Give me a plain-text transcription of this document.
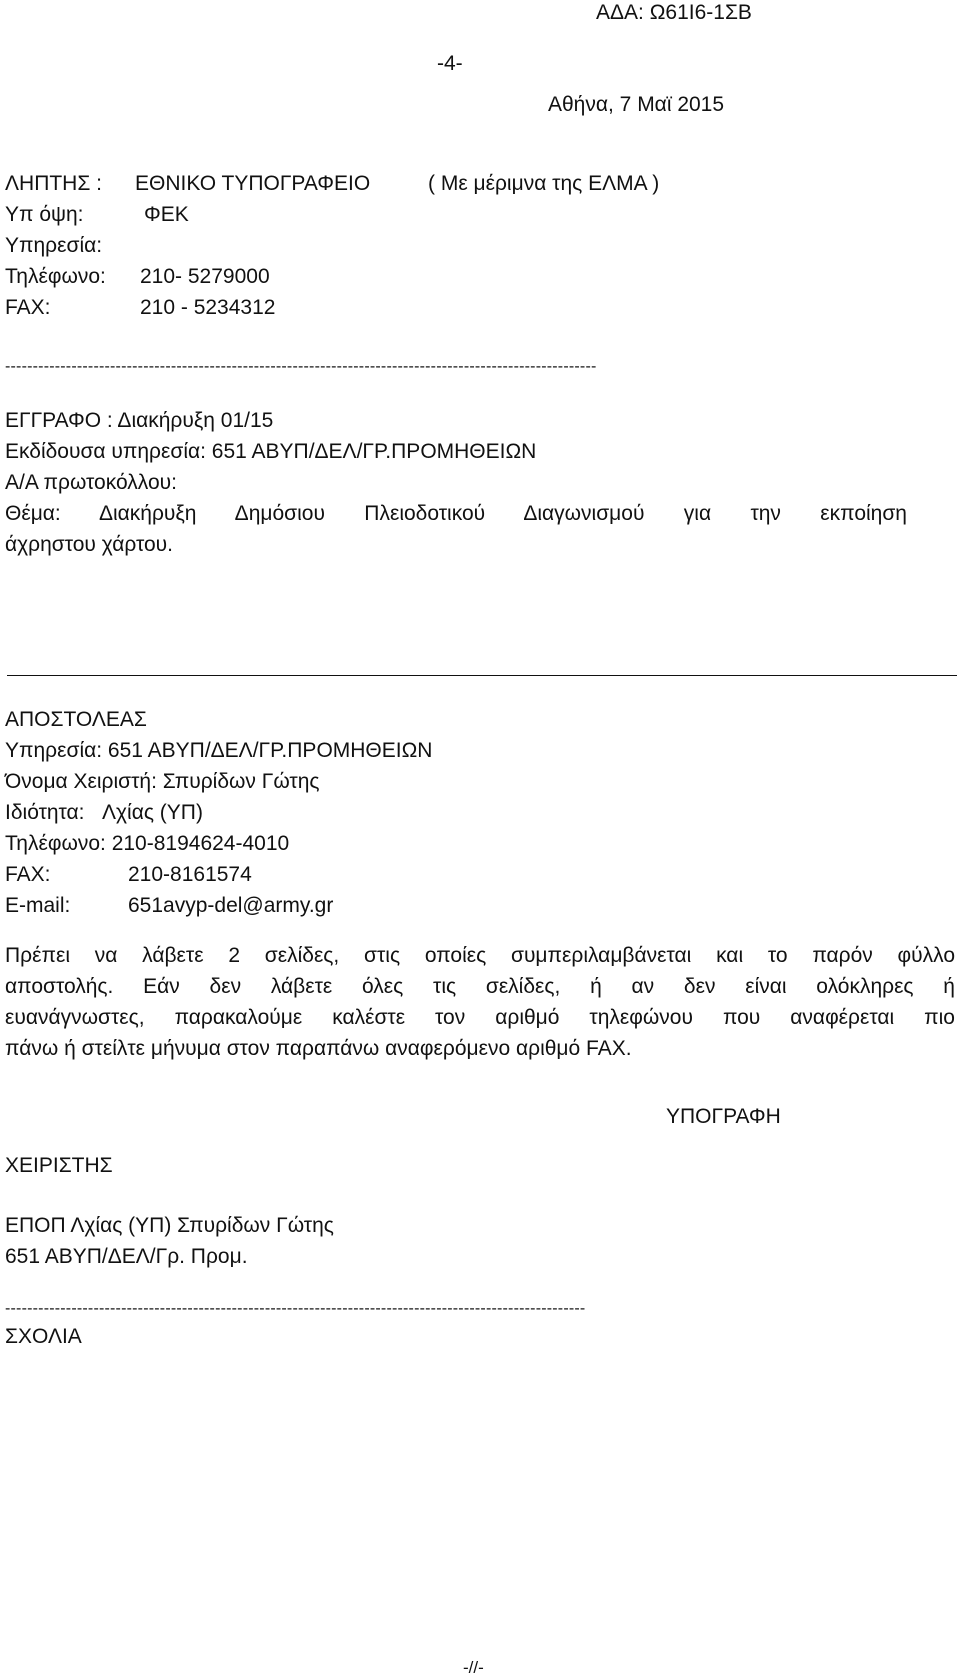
ΑΔΑ: Ω61Ι6-1ΣΒ
-4-
Αθήνα, 7 Μαϊ 2015
ΛΗΠΤΗΣ : ΕΘΝΙΚΟ ΤΥΠΟΓΡΑΦΕΙΟ	( Με μέριμνα της ΕΛΜΑ )
Υπ όψη:	ΦΕΚ
Υπηρεσία:
Τηλέφωνο: 210- 5279000
FAX:	210 - 5234312
-----------------------------------------------------------------------------------------------------------
ΕΓΓΡΑΦΟ : Διακήρυξη 01/15
Εκδίδουσα υπηρεσία: 651 ΑΒΥΠ/ΔΕΛ/ΓΡ.ΠΡΟΜΗΘΕΙΩΝ
Α/Α πρωτοκόλλου:
Θέμα: Διακήρυξη Δημόσιου Πλειοδοτικού Διαγωνισμού για την εκποίηση
άχρηστου χάρτου.
ΑΠΟΣΤΟΛΕΑΣ
Υπηρεσία: 651 ΑΒΥΠ/ΔΕΛ/ΓΡ.ΠΡΟΜΗΘΕΙΩΝ
Όνομα Χειριστή: Σπυρίδων Γώτης
Ιδιότητα: Λχίας (ΥΠ)
Τηλέφωνο: 210-8194624-4010
FAX:	210-8161574
E-mail:	651avyp-del@army.gr
Πρέπει να λάβετε 2 σελίδες, στις οποίες συμπεριλαμβάνεται και το παρόν φύλλο
αποστολής. Εάν δεν λάβετε όλες τις σελίδες, ή αν δεν είναι ολόκληρες ή
ευανάγνωστες, παρακαλούμε καλέστε τον αριθμό τηλεφώνου που αναφέρεται πιο
πάνω ή στείλτε μήνυμα στον παραπάνω αναφερόμενο αριθμό FAX.
ΥΠΟΓΡΑΦΗ
ΧΕΙΡΙΣΤΗΣ
ΕΠΟΠ Λχίας (ΥΠ) Σπυρίδων Γώτης
651 ΑΒΥΠ/ΔΕΛ/Γρ. Προμ.
---------------------------------------------------------------------------------------------------------
ΣΧΟΛΙΑ
-//-
